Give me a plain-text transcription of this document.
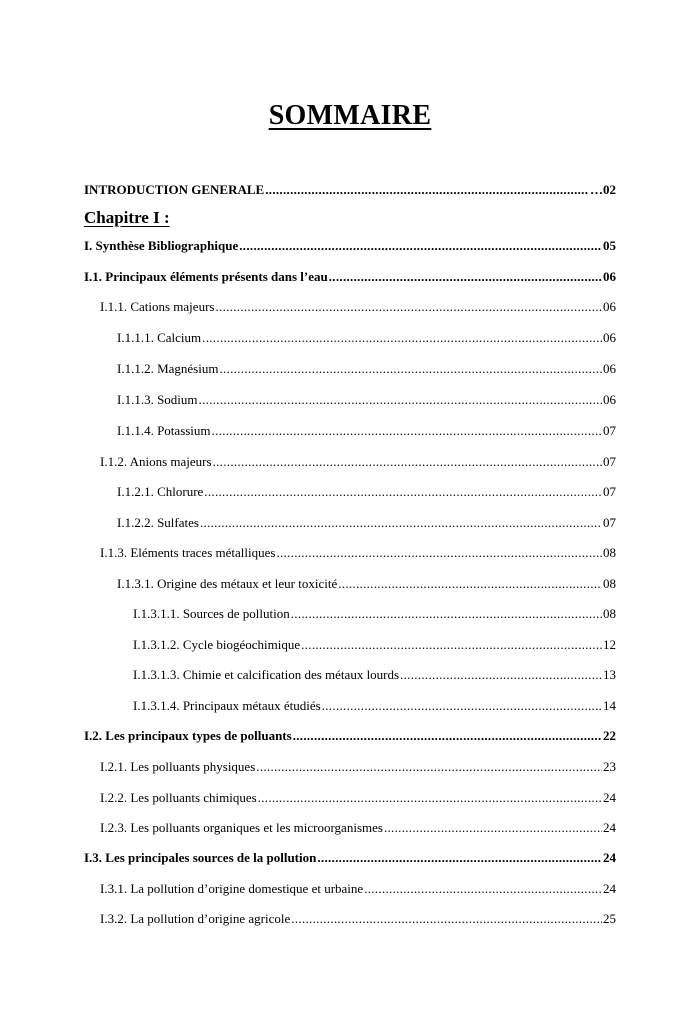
SOMMAIRE
INTRODUCTION GENERALE .....	… 02
Chapitre I :
I. Synthèse Bibliographique .....	05
I.1. Principaux éléments présents dans l’eau .....	06
I.1.1. Cations majeurs .....	06
I.1.1.1. Calcium .....	06
I.1.1.2. Magnésium .....	06
I.1.1.3. Sodium .....	06
I.1.1.4. Potassium .....	07
I.1.2. Anions majeurs .....	07
I.1.2.1. Chlorure .....	07
I.1.2.2. Sulfates .....	07
I.1.3. Eléments traces métalliques .....	08
I.1.3.1. Origine des métaux et leur toxicité .....	08
I.1.3.1.1. Sources de pollution .....	08
I.1.3.1.2. Cycle biogéochimique .....	12
I.1.3.1.3. Chimie et calcification des métaux lourds .....	13
I.1.3.1.4. Principaux métaux étudiés .....	14
I.2. Les principaux types de polluants .....	22
I.2.1. Les polluants physiques .....	23
I.2.2. Les polluants chimiques .....	24
I.2.3. Les polluants organiques et les microorganismes .....	24
I.3. Les principales sources de la pollution .....	24
I.3.1. La pollution d’origine domestique et urbaine .....	24
I.3.2. La pollution d’origine agricole .....	25
